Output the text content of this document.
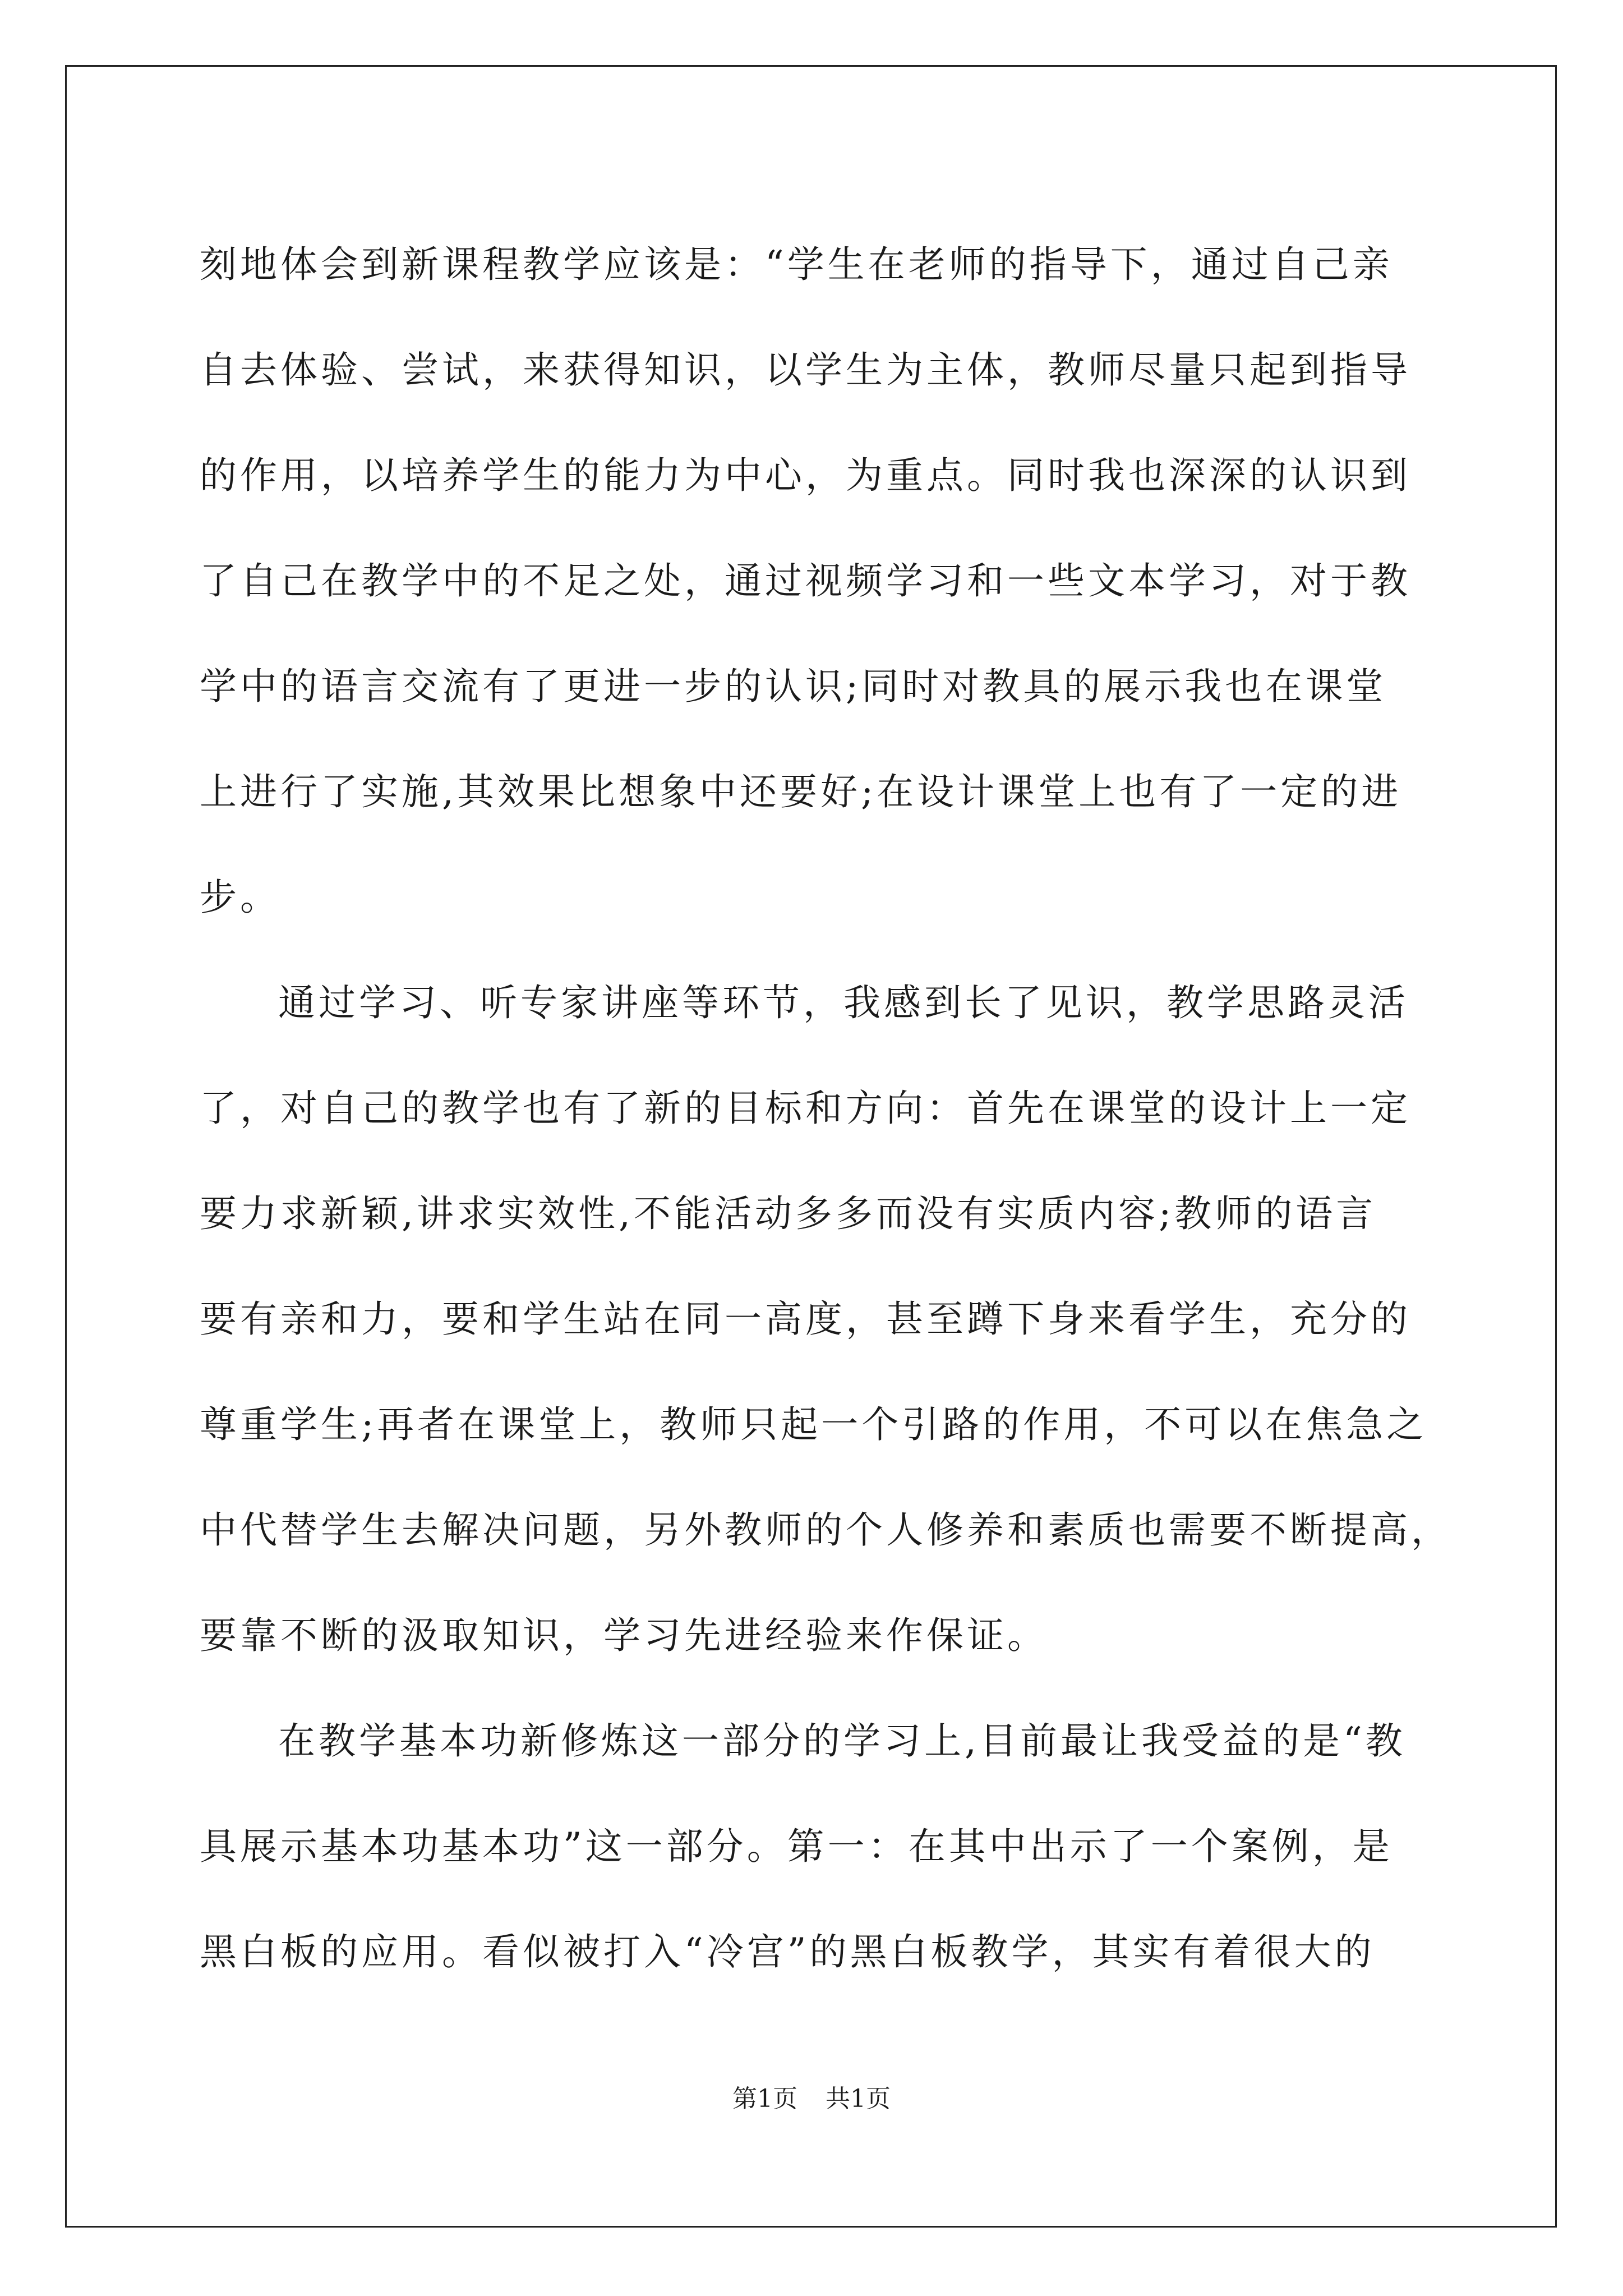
刻地体会到新课程教学应该是：“学生在老师的指导下，通过自己亲
自去体验、尝试，来获得知识，以学生为主体，教师尽量只起到指导
的作用，以培养学生的能力为中心，为重点。同时我也深深的认识到
了自己在教学中的不足之处，通过视频学习和一些文本学习，对于教
学中的语言交流有了更进一步的认识;同时对教具的展示我也在课堂
上进行了实施,其效果比想象中还要好;在设计课堂上也有了一定的进
步。
通过学习、听专家讲座等环节，我感到长了见识，教学思路灵活
了，对自己的教学也有了新的目标和方向：首先在课堂的设计上一定
要力求新颖,讲求实效性,不能活动多多而没有实质内容;教师的语言
要有亲和力，要和学生站在同一高度，甚至蹲下身来看学生，充分的
尊重学生;再者在课堂上，教师只起一个引路的作用，不可以在焦急之
中代替学生去解决问题，另外教师的个人修养和素质也需要不断提高，
要靠不断的汲取知识，学习先进经验来作保证。
在教学基本功新修炼这一部分的学习上,目前最让我受益的是“教
具展示基本功基本功”这一部分。第一：在其中出示了一个案例，是
黑白板的应用。看似被打入“冷宫”的黑白板教学，其实有着很大的
第1页 共1页
